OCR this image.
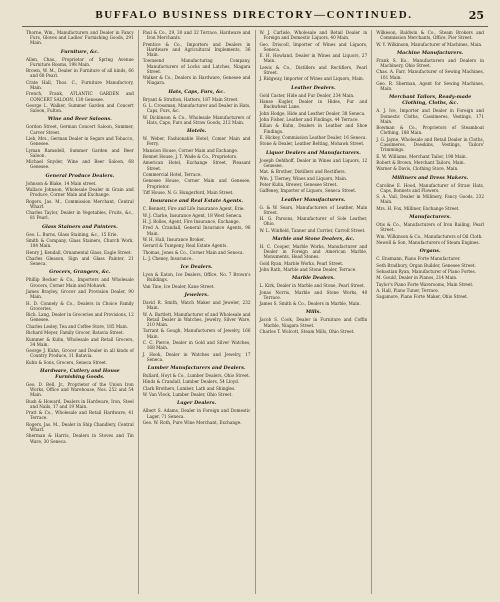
BUFFALO BUSINESS DIRECTORY—CONTINUED.	25
Thorne, Wm., Manufacturers and Dealer in Fancy Furs, Gloves and Ladies' Furnishing Goods, 291 Main.
Furniture, &c.
Allen, Chas., Proprietor of Spring Avenue Furniture Rooms, 198 Main.
Brown, W. M., Dealer in Furniture of all kinds, 66 and 68 Pearl.
Crate Hall, Thos. C., Furniture Manufactory, Main.
French, Frank, ATLANTIC GARDEN and CONCERT SALOON, 130 Genesee.
George L. Walker, Summer Garden and Concert Saloon, Fulton.
Wine and Beer Saloons.
Gordon Street, German Concert Saloon, Summer, Carver Street.
Lieb, Mrs., German Dealer in Segars and Tobacco, Genesee.
Lyman Ramsdell, Summer Garden and Beer Saloon.
Michael Snyder, Wine and Beer Saloon, 68 Genesee.
General Produce Dealers.
Johnson & Blake, 14 Main street.
Wallace Johnson, Wholesale Dealer in Grain and Produce, Corner Main and Exchange.
Rogers, Jas. M., Commission Merchant, Central Wharf.
Charles Taylor, Dealer in Vegetables, Fruits, &c., 81 Pearl.
Glass Stainers and Painters.
Geo. L. Burns, Glass Staining, &c., 15 Erie.
Smith & Company, Glass Stainers, Church Work, 184 Main.
Henry J. Kendall, Ornamental Glass, Eagle Street.
Charles Gleason, Sign and Glass Painter, 21 Seneca.
Grocers, Grangers, &c.
Phillip Becker & Co., Importers and Wholesale Grocers, Corner Main and Mohawk.
James Brayley, Grocer and Provision Dealer, 90 Main.
H. D. Connely & Co., Dealers in Choice Family Groceries.
Rich. Lang, Dealer in Groceries and Provisions, 12 Genesee.
Charles Lesley, Tea and Coffee Store, 185 Main.
Richard Meyer, Family Grocer, Batavia Street.
Kummer & Kuhn, Wholesale and Retail Grocers, 34 Main.
George J. Kuhn, Grocer and Dealer in all kinds of Country Produce, 11 Batavia.
Kuhn & Sons, Grocers, Seneca Street.
Hardware, Cutlery and House Furnishing Goods.
Geo. D. Bell, Jr., Proprietor of the Union Iron Works, Office and Warehouse, Nos. 252 and 54 Main.
Bush & Howard, Dealers in Hardware, Iron, Steel and Nails, 17 and 19 Main.
Pratt & Co., Wholesale and Retail Hardware, 41 Terrace.
Rogers, Jas. M., Dealer in Ship Chandlery, Central Wharf.
Sherman & Harris, Dealers in Stoves and Tin Ware, 30 Seneca.
Paul & Co., 29, 30 and 32 Terrace, Hardware and Iron Merchants.
Prentice & Co., Importers and Dealers in Hardware and Agricultural Implements, 36 Main.
Townsend Manufacturing Company, Manufacturers of Locks and Latches, Niagara Street.
Walker & Co., Dealers in Hardware, Genesee and Niagara.
Hats, Caps, Furs, &c.
Bryant & Stratton, Hatters, 187 Main Street.
G. L. Crossman, Manufacturer and Dealer in Hats, Caps, Furs, &c.
W. Dickinson & Co., Wholesale Manufacturers of Hats, Caps, Furs and Straw Goods, 212 Main.
Hotels.
W. Weber, Fashionable Hotel, Comer Main and Ferry.
Mansion House, Corner Main and Exchange.
Bonnet House, J. T. Wade & Co., Proprietors.
American Hotel, Exchange Street, Pleasant Street.
Commercial Hotel, Terrace.
Genesee House, Corner Main and Genesee, Proprietor.
Tiff House, N. G. Hungerford, Main Street.
Insurance and Real Estate Agents.
C. Bennett, Fire and Life Insurance Agent, Erie.
W. J. Clarke, Insurance Agent, 18 West Seneca.
H. J. Bolles, Agent, Fire Insurance, Exchange.
Fred A. Crandall, General Insurance Agents, 96 Main.
W. H. Hall, Insurance Broker.
Gerard & Tumpeny, Real Estate Agents.
Thomas, Jones & Co., Corner Main and Seneca.
L. J. Cheney, Insurance.
Ice Dealers.
Lyon & Eaton, Ice Dealers, Office, No. 7 Brown's Buildings.
Van Tine, Ice Dealer, Kane Street.
Jewelers.
David R. Smith, Watch Maker and Jeweler, 232 Main.
W. A. Bartlett, Manufacturer of and Wholesale and Retail Dealer in Watches, Jewelry, Silver Ware, 210 Main.
Tarrant & Gough, Manufacturers of Jewelry, 166 Main.
C. C. Pierce, Dealer in Gold and Silver Watches, 168 Main.
J. Hook, Dealer in Watches and Jewelry, 17 Seneca.
Lumber Manufacturers and Dealers.
Bullard, Hoyt & Co., Lumber Dealers, Ohio Street.
Hinds & Crandall, Lumber Dealers, 54 Lloyd.
Clark Brothers, Lumber, Lath and Shingles.
W. Van Vleck, Lumber Dealer, Ohio Street.
Lager Dealers.
Albert S. Adams, Dealer in Foreign and Domestic Lager, 71 Seneca.
Geo. W. Roth, Pure Wine Merchant, Exchange.
W. J. Carlisle, Wholesale and Retail Dealer in Foreign and Domestic Liquors, 40 Main.
Geo. Driscoll, Importer of Wines and Liquors, Seneca.
E. H. Howland, Dealer in Wines and Liquors, 27 Main.
Lewis & Co., Distillers and Rectifiers, Pearl Street.
J. Ridgway, Importer of Wines and Liquors, Main.
Leather Dealers.
Gold Caster, Hide and Fur Dealer, 234 Main.
Hanse Kugler, Dealer in Hides, Fur and Buckwheat Lane.
John Hodge, Hide and Leather Dealer, 38 Seneca.
John Fisher, Leather and Findings, 44 Terrace.
Kilian & Kuhn, Dealers in Leather and Shoe Findings.
E. Hickey, Commission Leather Dealer, 16 Seneca.
Stone & Dealer, Leather Belting, Mohawk Street.
Liquor Dealers and Manufacturers.
Joseph Oehlhoff, Dealer in Wines and Liquors, 12 Genesee.
Mat. & Brother, Distillers and Rectifiers.
Wm. J. Tierney, Wines and Liquors, Main.
Peter Kuhn, Brewer, Genesee Street.
Gaffeney, Importer of Liquors, Seneca Street.
Leather Manufacturers.
G. & W. Sears, Manufacturers of Leather, Main Street.
H. G. Parsons, Manufacturer of Sole Leather, Ohio.
W. L. Winfield, Tanner and Currier, Carroll Street.
Marble and Stone Dealers, &c.
H. C. Cooper, Marble Works, Manufacturer and Dealer in Foreign and American Marble, Monuments, Head Stones.
Gold Ryan, Marble Works, Pearl Street.
John Rath, Marble and Stone Dealer, Terrace.
Marble Dealers.
L. Kirk, Dealer in Marble and Stone, Pearl Street.
Jonas Norris, Marble and Stone Works, 40 Terrace.
James S. Smith & Co., Dealers in Marble, Main.
Mills.
Jacob S. Cook, Dealer in Furniture and Coffin Marble, Niagara Street.
Charles T. Wolcott, Steam Mills, Ohio Street.
Wilkeson, Baldwin & Co., Steam Brokers and Commission Merchants, Office, Pier Street.
W. Y. Wilkinson, Manufacturer of Machines, Main.
Machine Manufacturers.
Frank S. Ko., Manufacturers and Dealers in Machinery, Ohio Street.
Chas. A. Farr, Manufacturer of Sewing Machines, 101 Main.
Geo. R. Sherman, Agent for Sewing Machines, Main.
Merchant Tailors, Ready-made Clothing, Cloths, &c.
A. J. Ice, Importer and Dealer in Foreign and Domestic Cloths, Cassimeres, Vestings, 171 Main.
Bowman & Co., Proprietors of Steamboat Clothing, 188 Main.
J. G. Jayne, Wholesale and Retail Dealer in Cloths, Cassimeres, Doeskins, Vestings, Tailors' Trimmings.
E. W. Williams, Merchant Tailor, 198 Main.
Robert & Brown, Merchant Tailors, Main.
Warner & Davis, Clothing Store, Main.
Milliners and Dress Makers.
Caroline E. Hood, Manufacturer of Straw Hats, Caps, Bonnets and Flowers.
S. A. Vail, Dealer in Millinery, Fancy Goods, 232 Main.
Mrs. H. Fox, Milliner, Exchange Street.
Manufacturers.
Otis & Co., Manufacturers of Iron Railing, Pearl Street.
Wm. Wilkinson & Co., Manufacturers of Oil Cloth.
Newell & Son, Manufacturers of Steam Engines.
Organs.
C. Ensmann, Piano Forte Manufacturer.
Seth Bradbury, Organ Builder, Genesee Street.
Sebastian Ryan, Manufacturer of Piano Fortes.
M. Gould, Dealer in Pianos, 214 Main.
Taylor's Piano Forte Warerooms, Main Street.
A. Hall, Piano Tuner, Terrace.
Sagamore, Piano Forte Maker, Ohio Street.
